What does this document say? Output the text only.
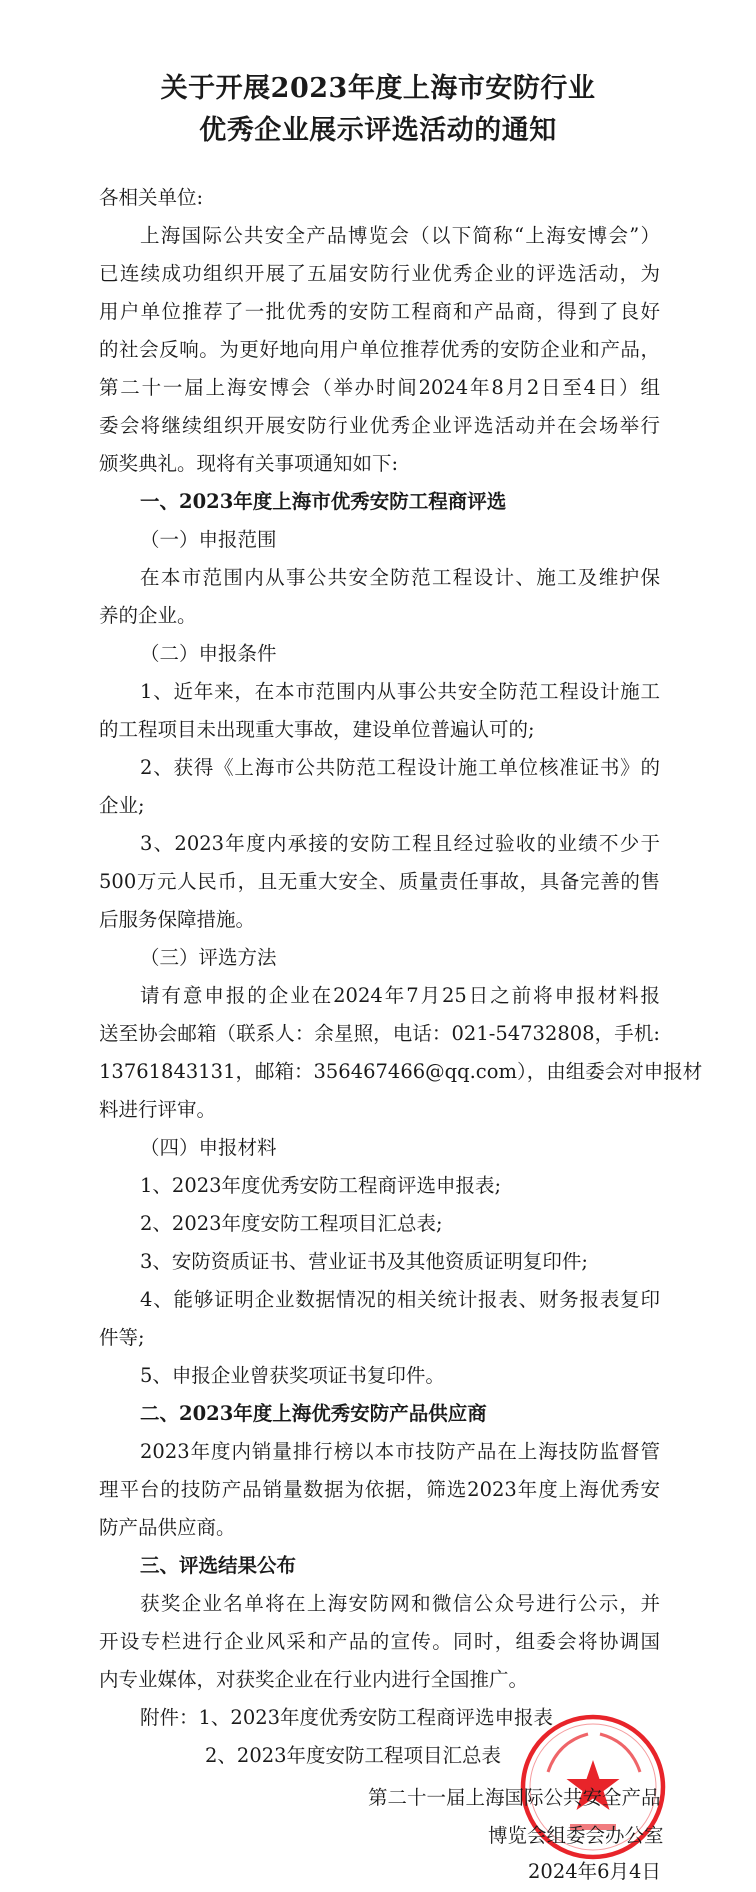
关于开展2023年度上海市安防行业
优秀企业展示评选活动的通知
各相关单位:
上海国际公共安全产品博览会（以下简称“上海安博会”）
已连续成功组织开展了五届安防行业优秀企业的评选活动，为
用户单位推荐了一批优秀的安防工程商和产品商，得到了良好
的社会反响。为更好地向用户单位推荐优秀的安防企业和产品，
第二十一届上海安博会（举办时间2024年8月2日至4日）组
委会将继续组织开展安防行业优秀企业评选活动并在会场举行
颁奖典礼。现将有关事项通知如下:
一、2023年度上海市优秀安防工程商评选
（一）申报范围
在本市范围内从事公共安全防范工程设计、施工及维护保
养的企业。
（二）申报条件
1、近年来，在本市范围内从事公共安全防范工程设计施工
的工程项目未出现重大事故，建设单位普遍认可的;
2、获得《上海市公共防范工程设计施工单位核准证书》的
企业;
3、2023年度内承接的安防工程且经过验收的业绩不少于
500万元人民币，且无重大安全、质量责任事故，具备完善的售
后服务保障措施。
（三）评选方法
请有意申报的企业在2024年7月25日之前将申报材料报
送至协会邮箱（联系人：余星照，电话：021-54732808，手机:
13761843131，邮箱：356467466@qq.com），由组委会对申报材
料进行评审。
（四）申报材料
1、2023年度优秀安防工程商评选申报表;
2、2023年度安防工程项目汇总表;
3、安防资质证书、营业证书及其他资质证明复印件;
4、能够证明企业数据情况的相关统计报表、财务报表复印
件等;
5、申报企业曾获奖项证书复印件。
二、2023年度上海优秀安防产品供应商
2023年度内销量排行榜以本市技防产品在上海技防监督管
理平台的技防产品销量数据为依据，筛选2023年度上海优秀安
防产品供应商。
三、评选结果公布
获奖企业名单将在上海安防网和微信公众号进行公示，并
开设专栏进行企业风采和产品的宣传。同时，组委会将协调国
内专业媒体，对获奖企业在行业内进行全国推广。
附件：1、2023年度优秀安防工程商评选申报表
2、2023年度安防工程项目汇总表
第二十一届上海国际公共安全产品
博览会组委会办公室
2024年6月4日
